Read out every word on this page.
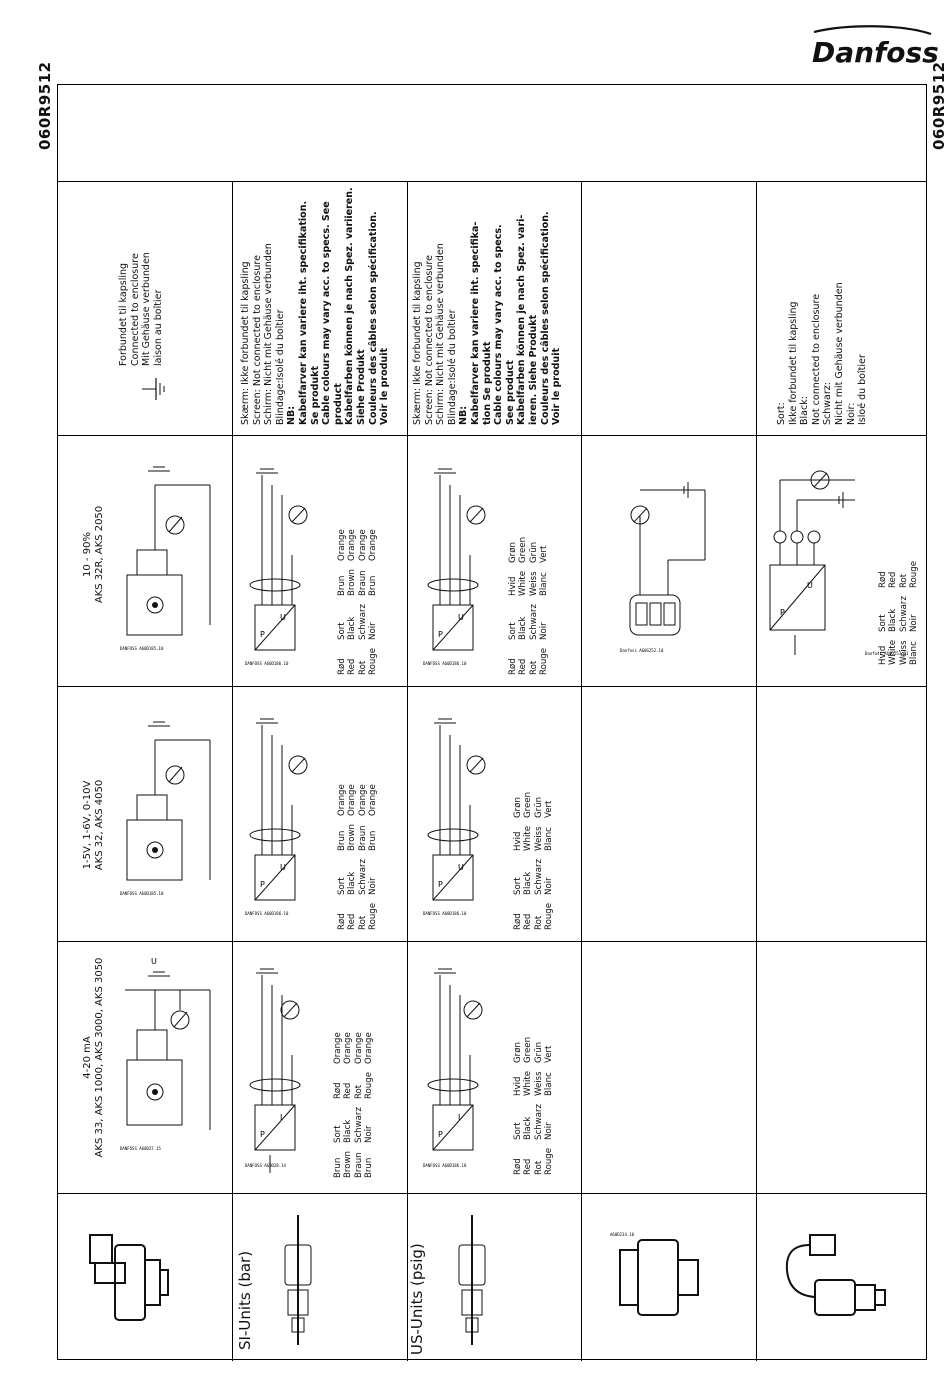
Danfoss
060R9512	060R9512
Forbundet til kapsling Connected to enclosure Mit Gehäuse verbunden laison au boîtier
4-20 mA AKS 33, AKS 1000, AKS 3000, AKS 3050
1-5V, 1-6V, 0-10V AKS 32, AKS 4050
10 - 90% AKS 32R, AKS 2050
U
DANFOSS A60D27.15
DANFOSS A60D185.10
DANFOSS A60D185.10
Skærm: Ikke forbundet til kapsling Screen: Not connected to enclosure Schirm: Nicht mit Gehäuse verbunden Blindage:Isolé du boîtier NB: Kabelfarver kan variere iht. specifikation. Se produkt Cable colours may vary acc. to specs. See product Kabelfarben können je nach Spez. variieren. Siehe Produkt Couleurs des câbles selon spécification. Voir le produit
P
I
DANFOSS A60D28.14
P
U
DANFOSS A60D186.10
P
U
DANFOSS A60D186.10
Brun Brown Braun Brun
Sort Black Schwarz Noir
Rød Red Rot Rouge
Orange Orange Orange Orange
Rød Red Rot Rouge
Sort Black Schwarz Noir
Brun Brown Braun Brun
Orange Orange Orange Orange
Rød Red Rot Rouge
Sort Black Schwarz Noir
Brun Brown Braun Brun
Orange Orange Orange Orange
SI-Units (bar)
Skærm: Ikke forbundet til kapsling Screen: Not connected to enclosure Schirm: Nicht mit Gehäuse verbunden Blindage:Isolé du boîtier NB: Kabelfarver kan variere iht. specifika- tion Se produkt Cable colours may vary acc. to specs. See product Kabelfarben können je nach Spez. vari- ieren. Siehe Produkt Couleurs des câbles selon spécification. Voir le produit
P
I
DANFOSS A60D186.10
P
U
DANFOSS A60D186.10
P
U
DANFOSS A60D186.10
Rød Red Rot Rouge
Sort Black Schwarz Noir
Hvid White Weiss Blanc
Grøn Green Grün Vert
Rød Red Rot Rouge
Sort Black Schwarz Noir
Hvid White Weiss Blanc
Grøn Green Grün Vert
Rød Red Rot Rouge
Sort Black Schwarz Noir
Hvid White Weiss Blanc
Grøn Green Grün Vert
US-Units (psig)
Danfoss A60G252.10
A60D234.10
Sort: Ikke forbundet til kapsling Black: Not connected to enclosure Schwarz: Nicht mit Gehäuse verbunden Noir: Isloé du boîtier
P
U
Danfoss A60G253.11
Hvid White Weiss Blanc
Sort Black Schwarz Noir
Rød Red Rot Rouge
